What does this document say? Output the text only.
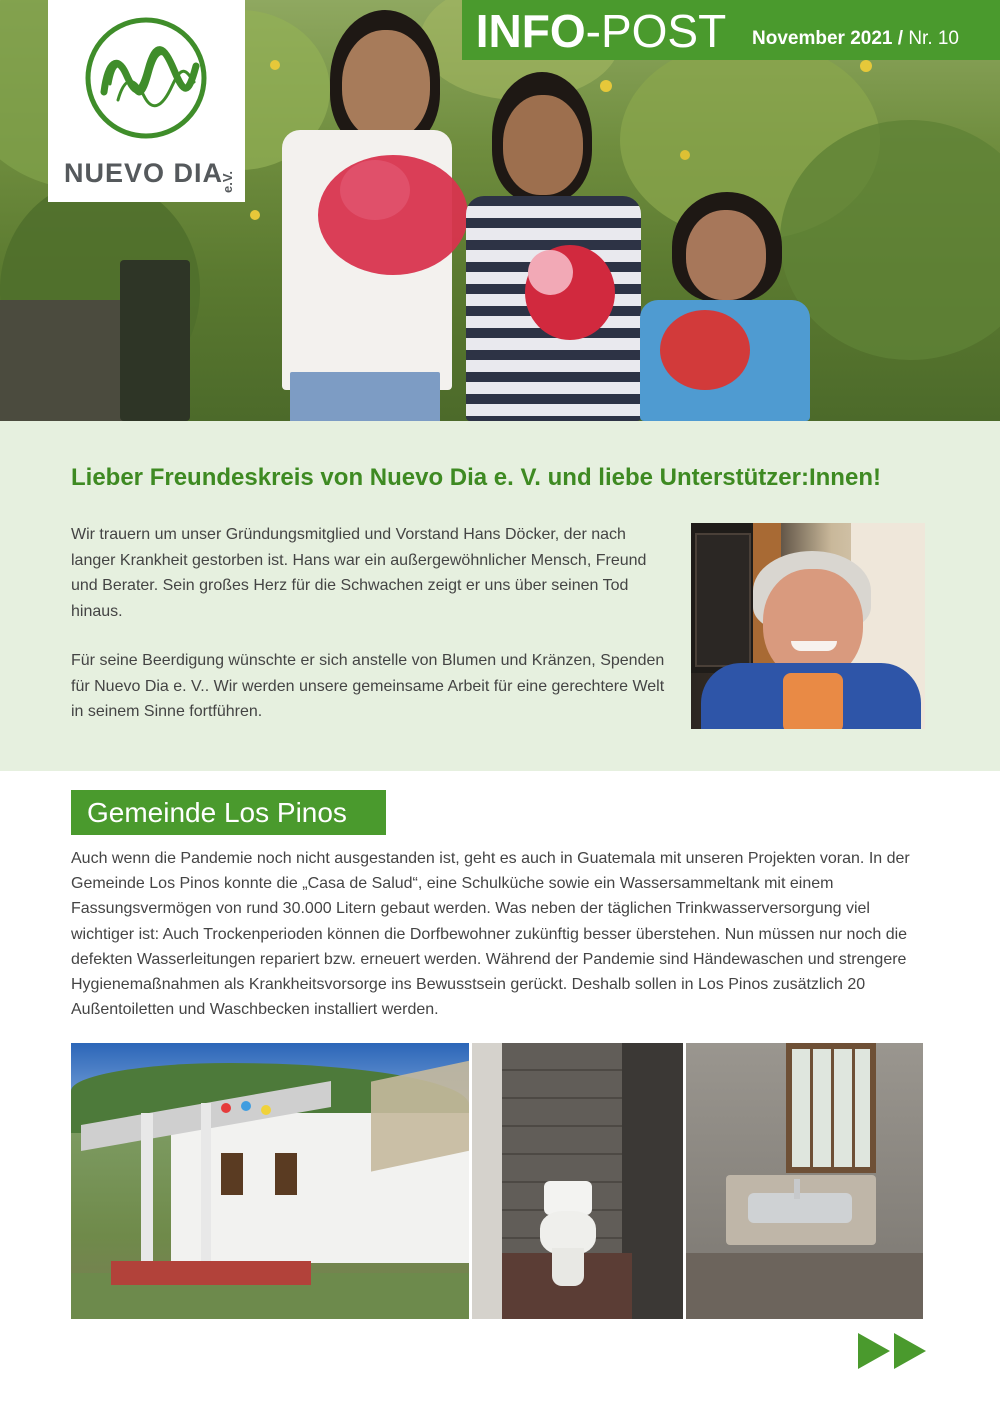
NUEVO DIA
e.V.
INFO-POST	November 2021 / Nr. 10
Lieber Freundeskreis von Nuevo Dia e. V. und liebe Unterstützer:Innen!
Wir trauern um unser Gründungsmitglied und Vorstand Hans Döcker, der nach langer Krankheit gestorben ist. Hans war ein außergewöhnlicher Mensch, Freund und Berater. Sein großes Herz für die Schwachen zeigt er uns über seinen Tod hinaus.
Für seine Beerdigung wünschte er sich anstelle von Blumen und Kränzen, Spenden für Nuevo Dia e. V.. Wir werden unsere gemeinsame Arbeit für eine gerechtere Welt in seinem Sinne fortführen.
Gemeinde Los Pinos
Auch wenn die Pandemie noch nicht ausgestanden ist, geht es auch in Guatemala mit unseren Projekten voran. In der Gemeinde Los Pinos konnte die „Casa de Salud“, eine Schulküche sowie ein Wassersammeltank mit einem Fassungsvermögen von rund 30.000 Litern gebaut werden. Was neben der täglichen Trinkwasserversorgung viel wichtiger ist: Auch Trockenperioden können die Dorfbewohner zukünftig besser überstehen. Nun müssen nur noch die defekten Wasserleitungen repariert bzw. erneuert werden. Während der Pandemie sind Händewaschen und strengere Hygienemaßnahmen als Krankheitsvorsorge ins Bewusstsein gerückt. Deshalb sollen in Los Pinos zusätzlich 20 Außentoiletten und Waschbecken installiert werden.
